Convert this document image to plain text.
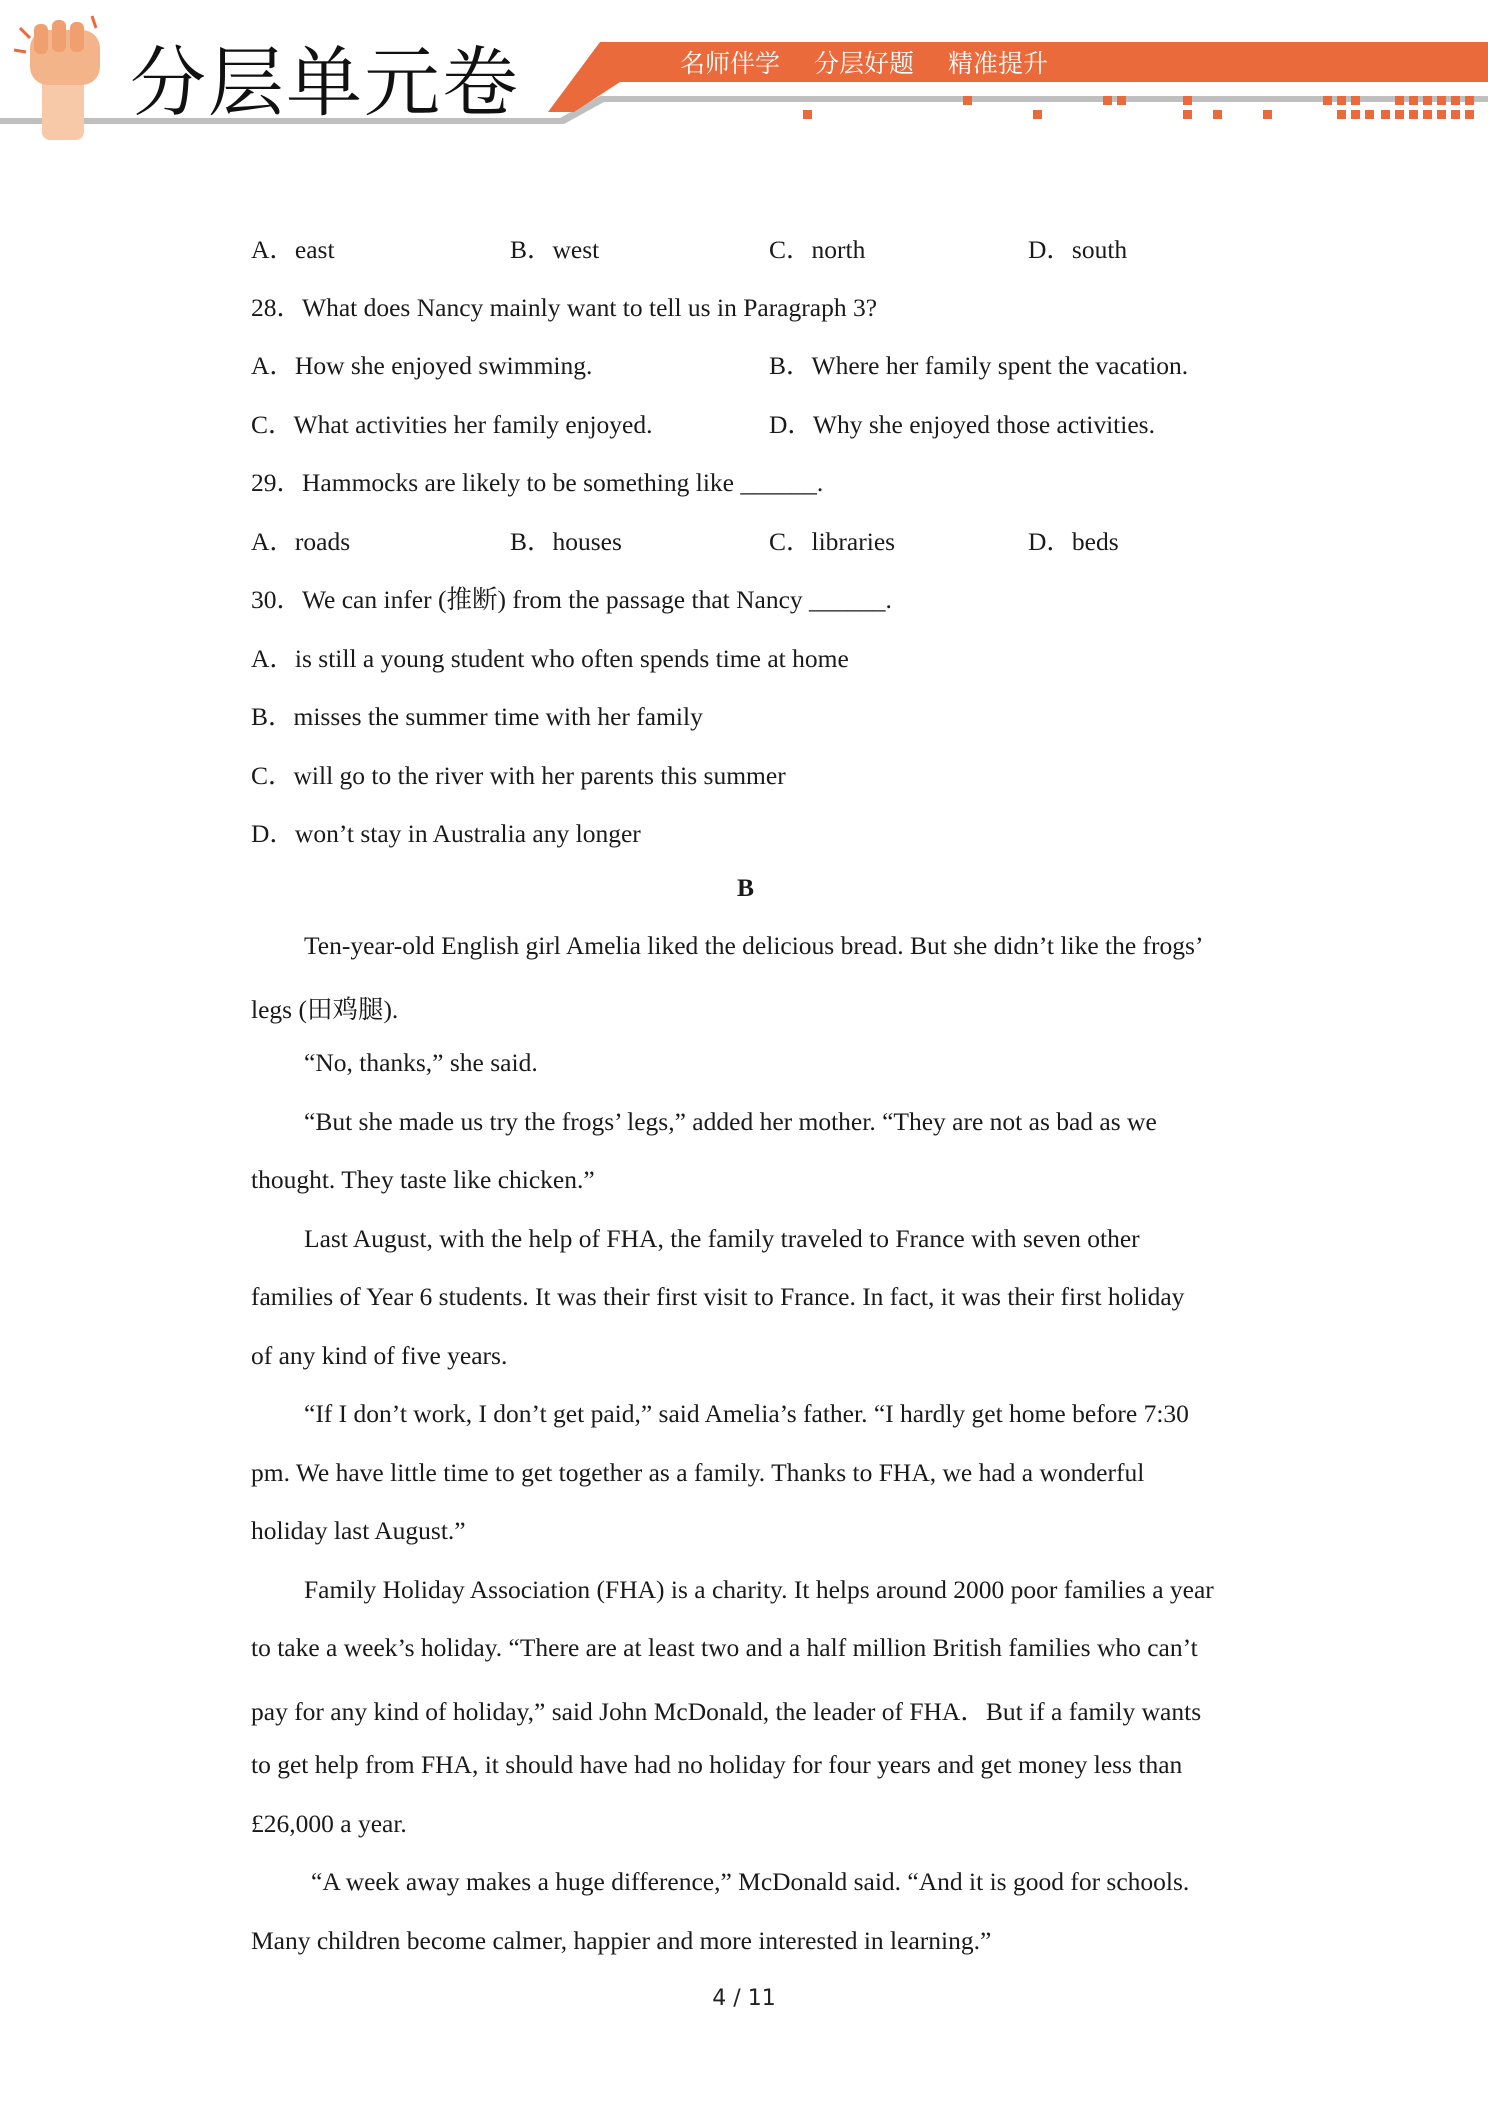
分层单元卷	名师伴学 分层好题 精准提升
A．east	B．west	C．north	D．south
28．What does Nancy mainly want to tell us in Paragraph 3?
A．How she enjoyed swimming.	B．Where her family spent the vacation.
C．What activities her family enjoyed.	D．Why she enjoyed those activities.
29．Hammocks are likely to be something like ______.
A．roads	B．houses	C．libraries	D．beds
30．We can infer (推断) from the passage that Nancy ______.
A．is still a young student who often spends time at home
B．misses the summer time with her family
C．will go to the river with her parents this summer
D．won’t stay in Australia any longer
B
Ten-year-old English girl Amelia liked the delicious bread. But she didn’t like the frogs’
legs (田鸡腿).
“No, thanks,” she said.
“But she made us try the frogs’ legs,” added her mother. “They are not as bad as we
thought. They taste like chicken.”
Last August, with the help of FHA, the family traveled to France with seven other
families of Year 6 students. It was their first visit to France. In fact, it was their first holiday
of any kind of five years.
“If I don’t work, I don’t get paid,” said Amelia’s father. “I hardly get home before 7:30
pm. We have little time to get together as a family. Thanks to FHA, we had a wonderful
holiday last August.”
Family Holiday Association (FHA) is a charity. It helps around 2000 poor families a year
to take a week’s holiday. “There are at least two and a half million British families who can’t
pay for any kind of holiday,” said John McDonald, the leader of FHA．But if a family wants
to get help from FHA, it should have had no holiday for four years and get money less than
£26,000 a year.
“A week away makes a huge difference,” McDonald said. “And it is good for schools.
Many children become calmer, happier and more interested in learning.”
4 / 11
